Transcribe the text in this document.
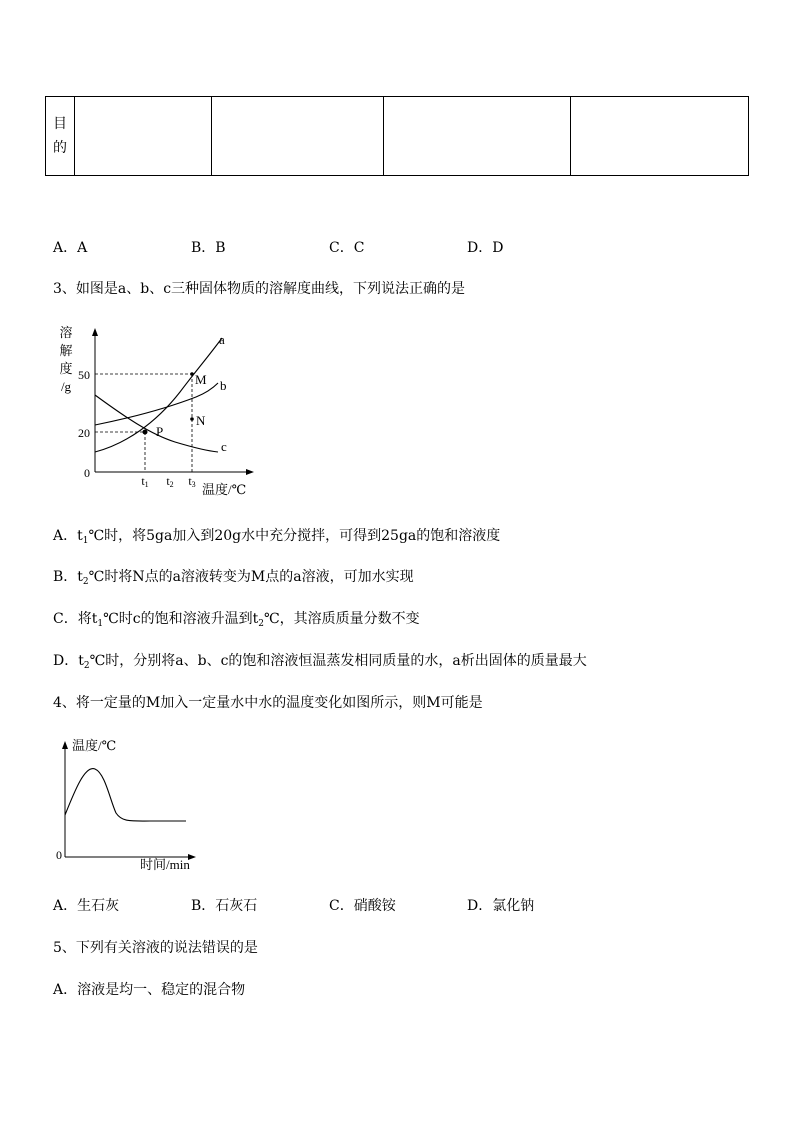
目
的

A．A	B．B	C．C	D．D
3、如图是a、b、c三种固体物质的溶解度曲线，下列说法正确的是
溶
解
度
/g
50
20
0
a
b
c
M
N
P
t1 t2 t3 温度/℃
A．$t_1℃$时，将5ga加入到20g水中充分搅拌，可得到25ga的饱和溶液度
B．$t_2℃$时将N点的a溶液转变为M点的a溶液，可加水实现
C．将$t_1℃$时c的饱和溶液升温到$t_2℃$，其溶质质量分数不变
D．$t_2℃$时，分别将a、b、c的饱和溶液恒温蒸发相同质量的水，a析出固体的质量最大
4、将一定量的M加入一定量水中水的温度变化如图所示，则M可能是
温度/℃
0
时间/min
A．生石灰	B．石灰石	C．硝酸铵	D．氯化钠
5、下列有关溶液的说法错误的是
A．溶液是均一、稳定的混合物
